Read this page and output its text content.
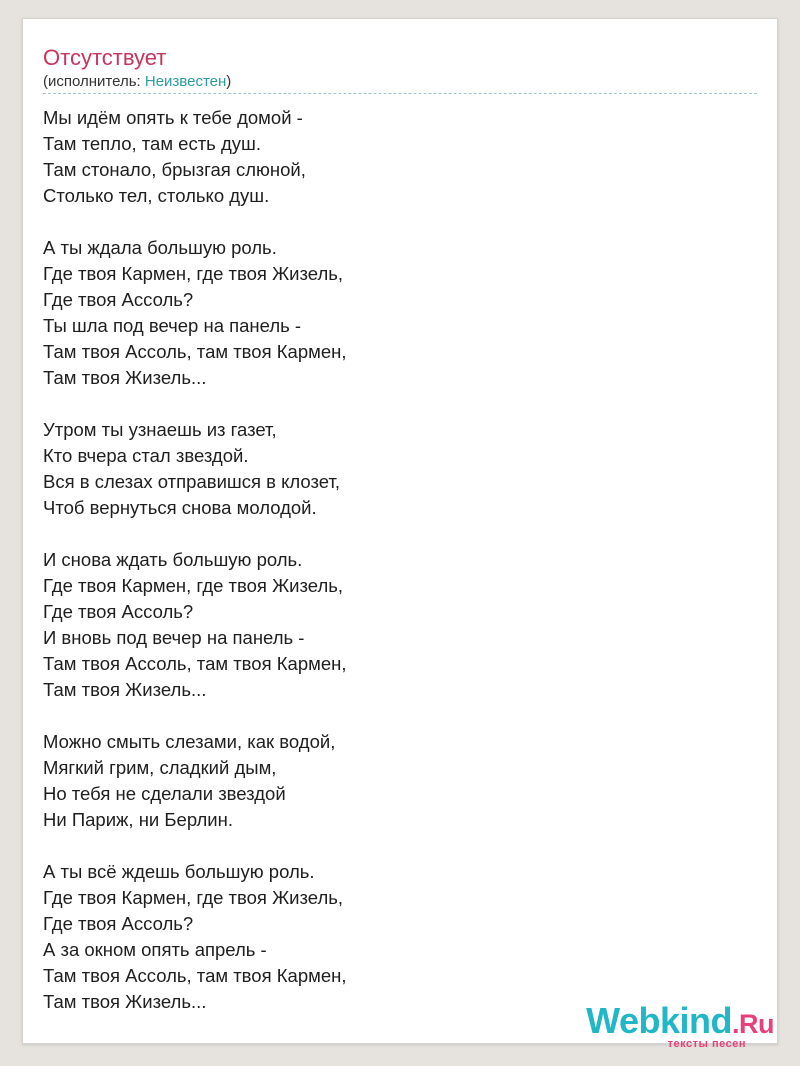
Отсутствует
(исполнитель: Неизвестен)
Мы идём опять к тебе домой -
Там тепло, там есть душ.
Там стонало, брызгая слюной,
Столько тел, столько душ.
А ты ждала большую роль.
Где твоя Кармен, где твоя Жизель,
Где твоя Ассоль?
Ты шла под вечер на панель -
Там твоя Ассоль, там твоя Кармен,
Там твоя Жизель...
Утром ты узнаешь из газет,
Кто вчера стал звездой.
Вся в слезах отправишся в клозет,
Чтоб вернуться снова молодой.
И снова ждать большую роль.
Где твоя Кармен, где твоя Жизель,
Где твоя Ассоль?
И вновь под вечер на панель -
Там твоя Ассоль, там твоя Кармен,
Там твоя Жизель...
Можно смыть слезами, как водой,
Мягкий грим, сладкий дым,
Но тебя не сделали звездой
Ни Париж, ни Берлин.
А ты всё ждешь большую роль.
Где твоя Кармен, где твоя Жизель,
Где твоя Ассоль?
А за окном опять апрель -
Там твоя Ассоль, там твоя Кармен,
Там твоя Жизель...	Webkind.Ru
тексты песен
